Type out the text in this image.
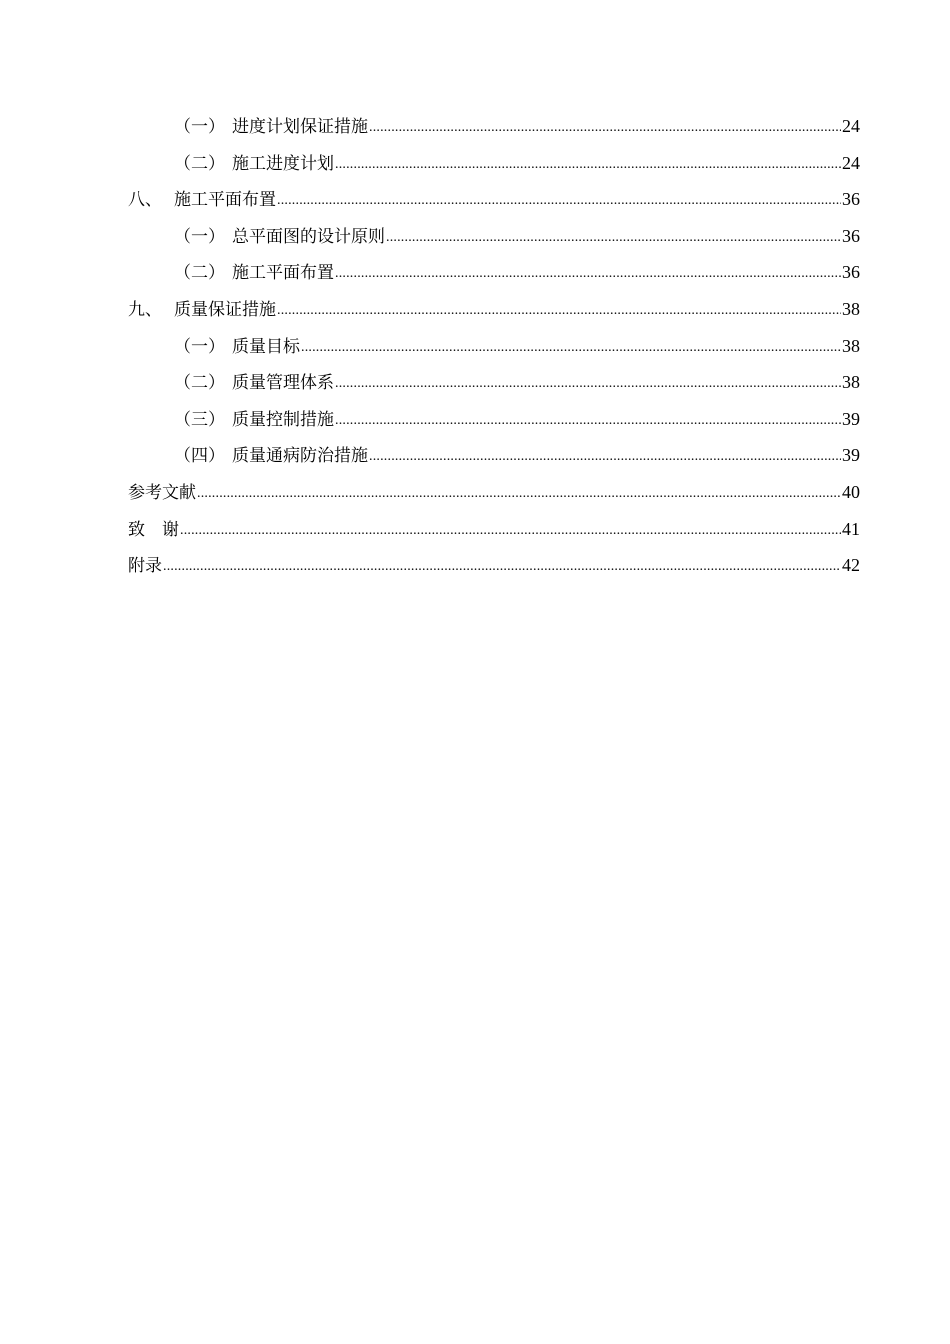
（一） 进度计划保证措施 .....	24
（二） 施工进度计划 .....	24
八、 施工平面布置 .....	36
（一） 总平面图的设计原则 .....	36
（二） 施工平面布置 .....	36
九、 质量保证措施 .....	38
（一） 质量目标 .....	38
（二） 质量管理体系 .....	38
（三） 质量控制措施 .....	39
（四） 质量通病防治措施 .....	39
参考文献 .....	40
致　谢 .....	41
附录 .....	42
